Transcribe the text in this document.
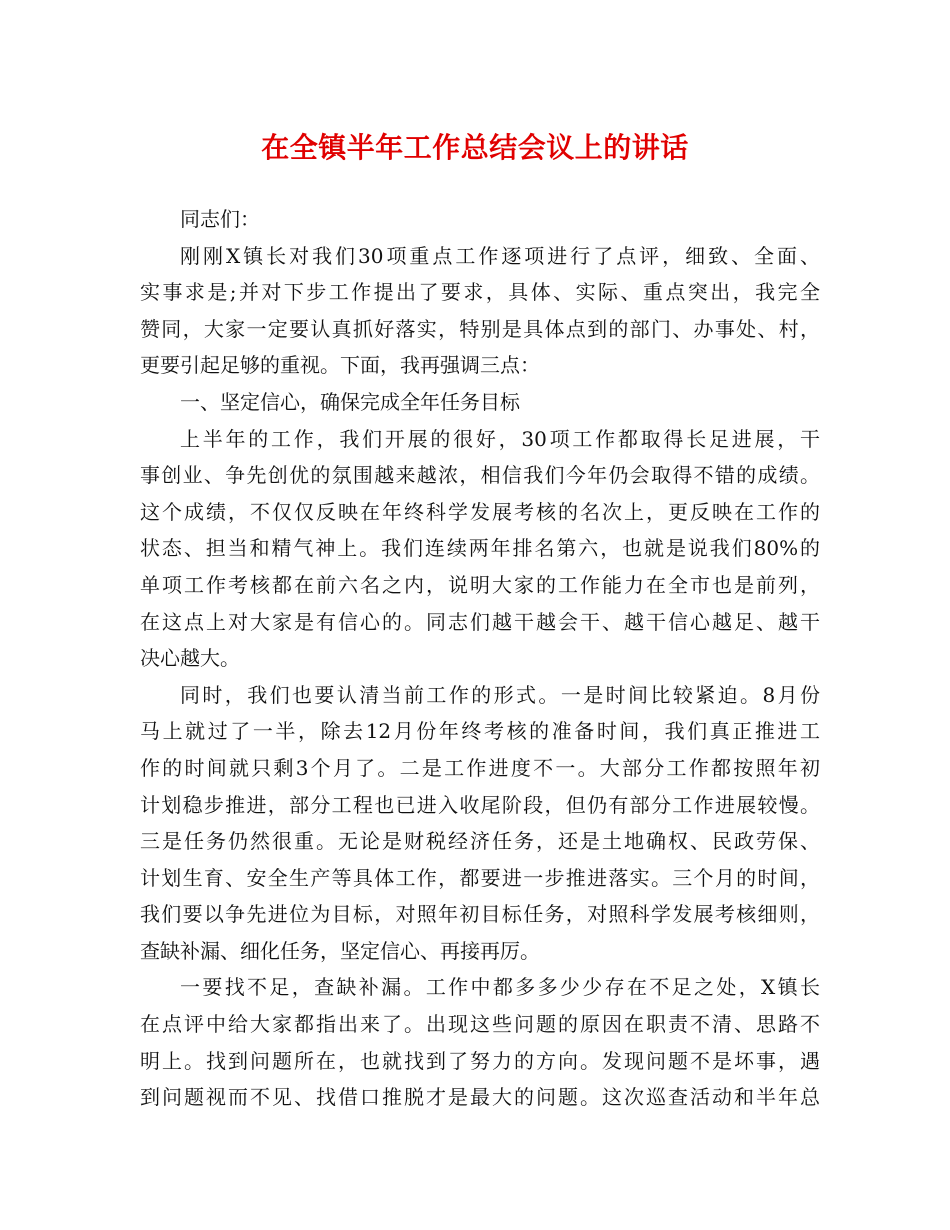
在全镇半年工作总结会议上的讲话
同志们：
刚刚X镇长对我们30项重点工作逐项进行了点评，细致、全面、
实事求是;并对下步工作提出了要求，具体、实际、重点突出，我完全
赞同，大家一定要认真抓好落实，特别是具体点到的部门、办事处、村，
更要引起足够的重视。下面，我再强调三点：
一、坚定信心，确保完成全年任务目标
上半年的工作，我们开展的很好，30项工作都取得长足进展，干
事创业、争先创优的氛围越来越浓，相信我们今年仍会取得不错的成绩。
这个成绩，不仅仅反映在年终科学发展考核的名次上，更反映在工作的
状态、担当和精气神上。我们连续两年排名第六，也就是说我们80%的
单项工作考核都在前六名之内，说明大家的工作能力在全市也是前列，
在这点上对大家是有信心的。同志们越干越会干、越干信心越足、越干
决心越大。
同时，我们也要认清当前工作的形式。一是时间比较紧迫。8月份
马上就过了一半，除去12月份年终考核的准备时间，我们真正推进工
作的时间就只剩3个月了。二是工作进度不一。大部分工作都按照年初
计划稳步推进，部分工程也已进入收尾阶段，但仍有部分工作进展较慢。
三是任务仍然很重。无论是财税经济任务，还是土地确权、民政劳保、
计划生育、安全生产等具体工作，都要进一步推进落实。三个月的时间，
我们要以争先进位为目标，对照年初目标任务，对照科学发展考核细则，
查缺补漏、细化任务，坚定信心、再接再厉。
一要找不足，查缺补漏。工作中都多多少少存在不足之处，X镇长
在点评中给大家都指出来了。出现这些问题的原因在职责不清、思路不
明上。找到问题所在，也就找到了努力的方向。发现问题不是坏事，遇
到问题视而不见、找借口推脱才是最大的问题。这次巡查活动和半年总
